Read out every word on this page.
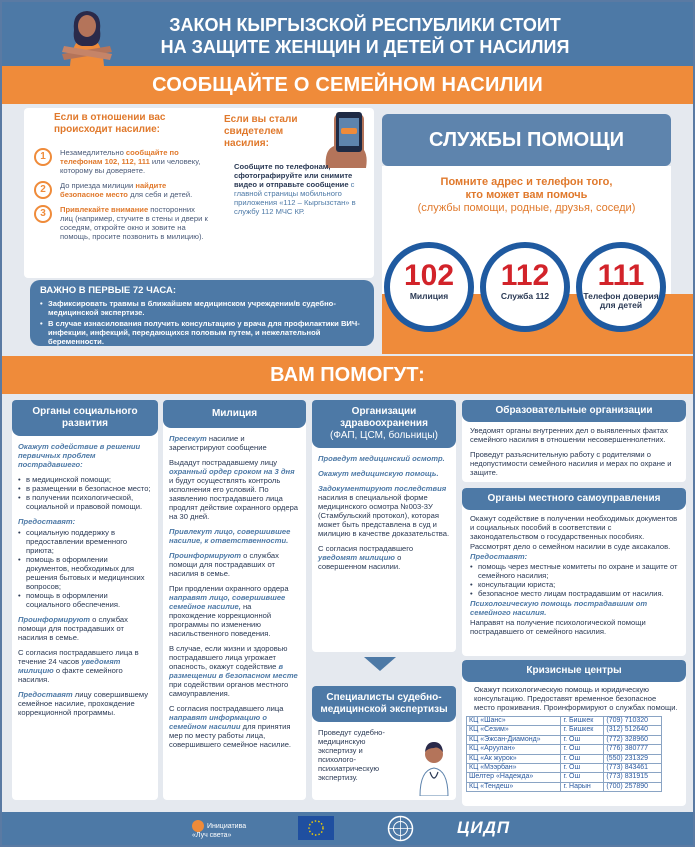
ЗАКОН КЫРГЫЗСКОЙ РЕСПУБЛИКИ СТОИТ
НА ЗАЩИТЕ ЖЕНЩИН И ДЕТЕЙ ОТ НАСИЛИЯ
СООБЩАЙТЕ О СЕМЕЙНОМ НАСИЛИИ
Если в отношении вас происходит насилие:
1	Незамедлительно сообщайте по телефонам 102, 112, 111 или человеку, которому вы доверяете.
2	До приезда милиции найдите безопасное место для себя и детей.
3	Привлекайте внимание посторонних лиц (например, стучите в стены и двери к соседям, откройте окно и зовите на помощь, просите позвонить в милицию).
Если вы стали свидетелем насилия:
Сообщите по телефонам, сфотографируйте или снимите видео и отправьте сообщение с главной страницы мобильного приложения «112 – Кыргызстан» в службу 112 МЧС КР.
ВАЖНО В ПЕРВЫЕ 72 ЧАСА:
• Зафиксировать травмы в ближайшем медицинском учреждении/в судебно-медицинской экспертизе.
• В случае изнасилования получить консультацию у врача для профилактики ВИЧ-инфекции, инфекций, передающихся половым путем, и нежелательной беременности.
СЛУЖБЫ ПОМОЩИ
Помните адрес и телефон того,
кто может вам помочь
(службы помощи, родные, друзья, соседи)
102
Милиция
112
Служба 112
111
Телефон доверия для детей
ВАМ ПОМОГУТ:
Органы социального развития

Окажут содействие в решении первичных проблем пострадавшего:

• в медицинской помощи;
• в размещении в безопасное место;
• в получении психологической, социальной и правовой помощи.

Предоставят:

• социальную поддержку в предоставлении временного приюта;
• помощь в оформлении документов, необходимых для решения бытовых и медицинских вопросов;
• помощь в оформлении социального обеспечения.

Проинформируют о службах помощи для пострадавших от насилия в семье.

С согласия пострадавшего лица в течение 24 часов уведомят милицию о факте семейного насилия.

Предоставят лицу совершившему семейное насилие, прохождение коррекционной программы.

Милиция

Пресекут насилие и зарегистрируют сообщение

Выдадут пострадавшему лицу охранный ордер сроком на 3 дня и будут осуществлять контроль исполнения его условий. По заявлению пострадавшего лица продлят действие охранного ордера на 30 дней.

Привлекут лицо, совершившее насилие, к ответственности.

Проинформируют о службах помощи для пострадавших от насилия в семье.

При продлении охранного ордера направят лицо, совершившее семейное насилие, на прохождение коррекционной программы по изменению насильственного поведения.

В случае, если жизни и здоровью пострадавшего лица угрожает опасность, окажут содействие в размещении в безопасном месте при содействии органов местного самоуправления.

С согласия пострадавшего лица направят информацию о семейном насилии для принятия мер по месту работы лица, совершившего семейное насилие.

Организации здравоохранения
(ФАП, ЦСМ, больницы)

Проведут медицинский осмотр.

Окажут медицинскую помощь.

Задокументируют последствия насилия в специальной форме медицинского осмотра №003-3У (Стамбульский протокол), которая может быть представлена в суд и милицию в качестве доказательства.

С согласия пострадавшего уведомят милицию о совершенном насилии.

Специалисты судебно-медицинской экспертизы

Проведут судебно-медицинскую экспертизу и психолого-психиатрическую экспертизу.

Образовательные организации

Уведомят органы внутренних дел о выявленных фактах семейного насилия в отношении несовершеннолетних.

Проведут разъяснительную работу с родителями о недопустимости семейного насилия и мерах по охране и защите.

Органы местного самоуправления

Окажут содействие в получении необходимых документов и социальных пособий в соответствии с законодательством о государственных пособиях.

Рассмотрят дело о семейном насилии в суде аксакалов.

Предоставят:

• помощь через местные комитеты по охране и защите от семейного насилия;
• консультации юриста;
• безопасное место лицам пострадавшим от насилия.

Психологическую помощь пострадавшим от семейного насилия.

Направят на получение психологической помощи пострадавшего от семейного насилия.

Кризисные центры

Окажут психологическую помощь и юридическую консультацию. Предоставят временное безопасное место проживания. Проинформируют о службах помощи.

КЦ «Шанс»	г. Бишкек	(709) 710320
КЦ «Сезим»	г. Бишкек	(312) 512640
КЦ «Эжсан-Диамонд»	г. Ош	(772) 328960
КЦ «Аруулан»	г. Ош	(776) 380777
КЦ «Ак журок»	г. Ош	(550) 231329
КЦ «Мээрбан»	г. Ош	(773) 843461
Шелтер «Надежда»	г. Ош	(773) 831915
КЦ «Тендеш»	г. Нарын	(700) 257890
Инициатива «Луч света»	ЦИДП
